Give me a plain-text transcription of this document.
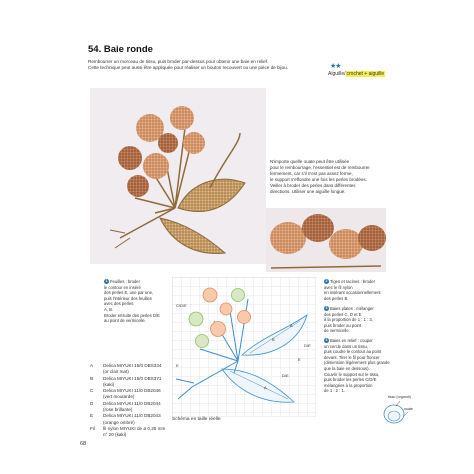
54. Baie ronde
Rembourrer un morceau de tissu, puis broder par-dessus pour obtenir une baie en relief.
Cette technique peut aussi être appliquée pour réaliser un bouton recouvert ou une pièce de bijou.	★★
Aiguille/crochet + aiguille
N'importe quelle ouate peut être utilisée
pour le rembourrage, l'essentiel est de rembourrer
fermement, car s'il n'est pas assez ferme,
le support s'effondre une fois les perles brodées.
Veiller à broder des perles dans différentes
directions. Utiliser une aiguille longue.
1 Feuilles : broder
le contour en inséré
des perles E, une par une,
puis l'intérieur des feuilles
avec des perles
A, B.
Broder ensuite des perles D/E
au point de vermicelle.
2 Tiges et racines : broder
avec le fil nylon
en insérant occasionnellement
des perles B.
3 Baies plates : mélanger
des perles C, D et E
à la proportion de 1 : 1 : 3,
puis broder au point
de vermicelle.
4 Baies en relief : couper
un cercle dans un tissu,
puis coudre le contour au point
devant. Tirer le fil pour froncer
(dimension légèrement plus grande
que la baie en dessous).
Couvrir le support sur le tissu,
puis broder les perles C/D/E
mélangées à la proportion
de 1 : 2 : 1.
A
B
D/E
E
A
D/E
C/D/E
E
Schéma en taille réelle
A Delica MIYUKI 15/0 DBS334
(or clair mat)
B Delica MIYUKI 15/0 DBS371
(kaki)
C Delica MIYUKI 11/0 DB2046
(vert moutarde)
D Delica MIYUKI 11/0 DB2044
(rose brillante)
E Delica MIYUKI 11/0 DB2043
(orange ombré)
Fil fil nylon MIYUKI de ø 0,25 mm
n° 20 (kaki)
tissu (organdi)
ouate
68
